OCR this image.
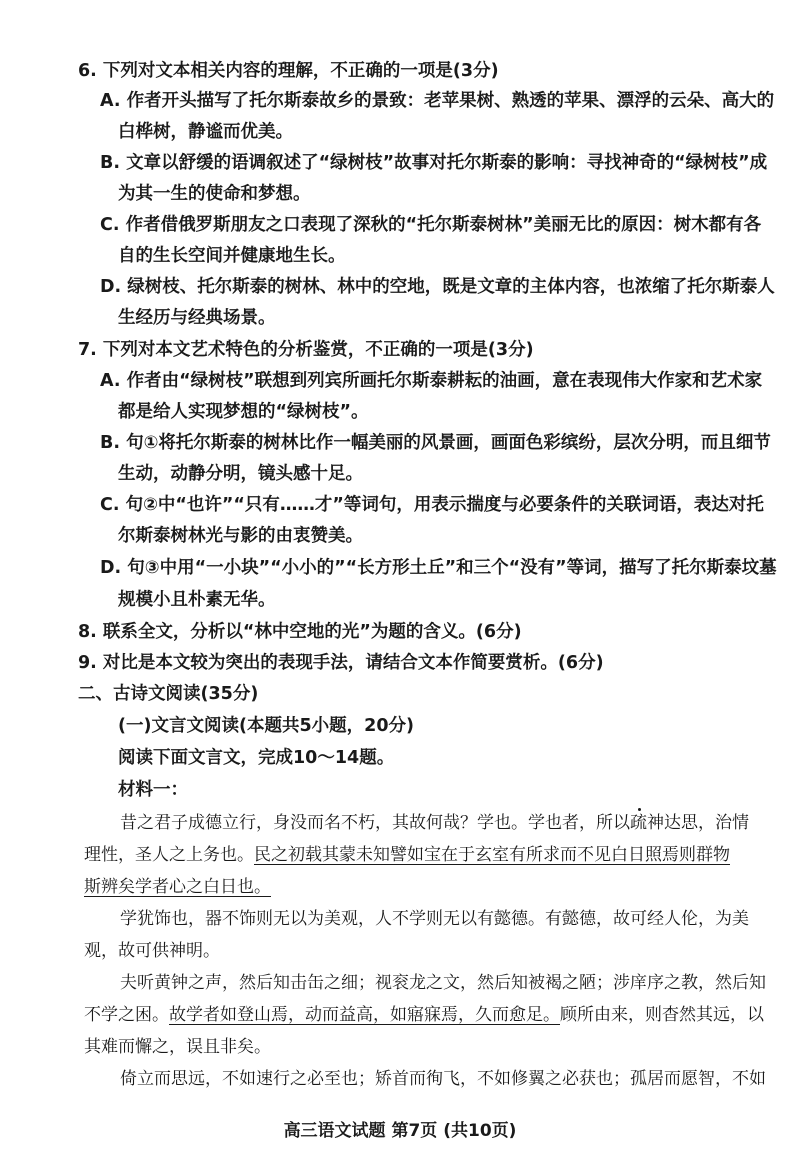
6. 下列对文本相关内容的理解，不正确的一项是(3分)
A. 作者开头描写了托尔斯泰故乡的景致：老苹果树、熟透的苹果、漂浮的云朵、高大的
白桦树，静谧而优美。
B. 文章以舒缓的语调叙述了“绿树枝”故事对托尔斯泰的影响：寻找神奇的“绿树枝”成
为其一生的使命和梦想。
C. 作者借俄罗斯朋友之口表现了深秋的“托尔斯泰树林”美丽无比的原因：树木都有各
自的生长空间并健康地生长。
D. 绿树枝、托尔斯泰的树林、林中的空地，既是文章的主体内容，也浓缩了托尔斯泰人
生经历与经典场景。
7. 下列对本文艺术特色的分析鉴赏，不正确的一项是(3分)
A. 作者由“绿树枝”联想到列宾所画托尔斯泰耕耘的油画，意在表现伟大作家和艺术家
都是给人实现梦想的“绿树枝”。
B. 句①将托尔斯泰的树林比作一幅美丽的风景画，画面色彩缤纷，层次分明，而且细节
生动，动静分明，镜头感十足。
C. 句②中“也许”“只有……才”等词句，用表示揣度与必要条件的关联词语，表达对托
尔斯泰树林光与影的由衷赞美。
D. 句③中用“一小块”“小小的”“长方形土丘”和三个“没有”等词，描写了托尔斯泰坟墓
规模小且朴素无华。
8. 联系全文，分析以“林中空地的光”为题的含义。(6分)
9. 对比是本文较为突出的表现手法，请结合文本作简要赏析。(6分)
二、古诗文阅读(35分)
(一)文言文阅读(本题共5小题，20分)
阅读下面文言文，完成10～14题。
材料一：
昔之君子成德立行，身没而名不朽，其故何哉？学也。学也者，所以疏神达思，治情
理性，圣人之上务也。民之初载其蒙未知譬如宝在于玄室有所求而不见白日照焉则群物
斯辨矣学者心之白日也。
学犹饰也，器不饰则无以为美观，人不学则无以有懿德。有懿德，故可经人伦，为美
观，故可供神明。
夫听黄钟之声，然后知击缶之细；视衮龙之文，然后知被褐之陋；涉庠序之教，然后知
不学之困。故学者如登山焉，动而益高，如寤寐焉，久而愈足。顾所由来，则杳然其远，以
其难而懈之，误且非矣。
倚立而思远，不如速行之必至也；矫首而徇飞，不如修翼之必获也；孤居而愿智，不如
高三语文试题 第7页 (共10页)
